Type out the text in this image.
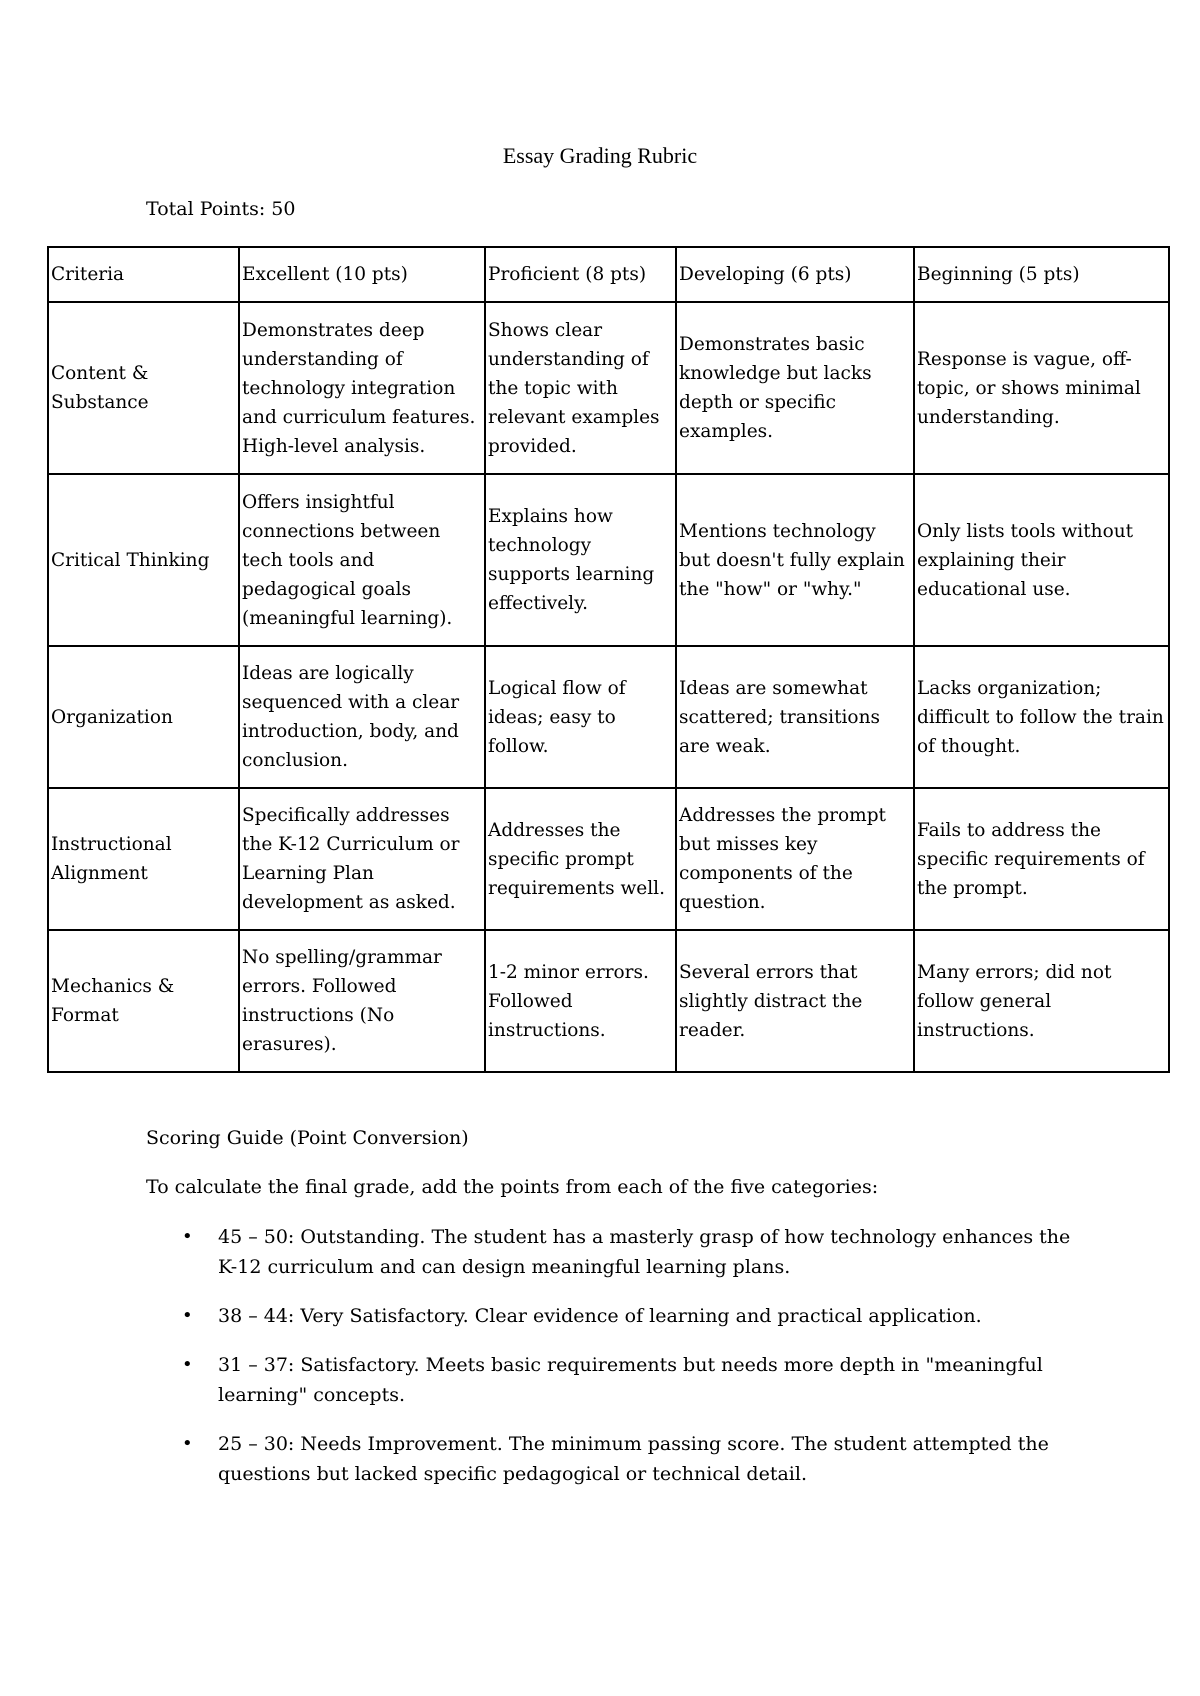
Essay Grading Rubric

Total Points: 50

Criteria	Excellent (10 pts)	Proficient (8 pts)	Developing (6 pts)	Beginning (5 pts)
Content & Substance	Demonstrates deep understanding of technology integration and curriculum features. High-level analysis.	Shows clear understanding of the topic with relevant examples provided.	Demonstrates basic knowledge but lacks depth or specific examples.	Response is vague, off-topic, or shows minimal understanding.
Critical Thinking	Offers insightful connections between tech tools and pedagogical goals (meaningful learning).	Explains how technology supports learning effectively.	Mentions technology but doesn't fully explain the "how" or "why."	Only lists tools without explaining their educational use.
Organization	Ideas are logically sequenced with a clear introduction, body, and conclusion.	Logical flow of ideas; easy to follow.	Ideas are somewhat scattered; transitions are weak.	Lacks organization; difficult to follow the train of thought.
Instructional Alignment	Specifically addresses the K-12 Curriculum or Learning Plan development as asked.	Addresses the specific prompt requirements well.	Addresses the prompt but misses key components of the question.	Fails to address the specific requirements of the prompt.
Mechanics & Format	No spelling/grammar errors. Followed instructions (No erasures).	1-2 minor errors. Followed instructions.	Several errors that slightly distract the reader.	Many errors; did not follow general instructions.

Scoring Guide (Point Conversion)

To calculate the final grade, add the points from each of the five categories:

• 45 – 50: Outstanding. The student has a masterly grasp of how technology enhances the K-12 curriculum and can design meaningful learning plans.
• 38 – 44: Very Satisfactory. Clear evidence of learning and practical application.
• 31 – 37: Satisfactory. Meets basic requirements but needs more depth in "meaningful learning" concepts.
• 25 – 30: Needs Improvement. The minimum passing score. The student attempted the questions but lacked specific pedagogical or technical detail.
